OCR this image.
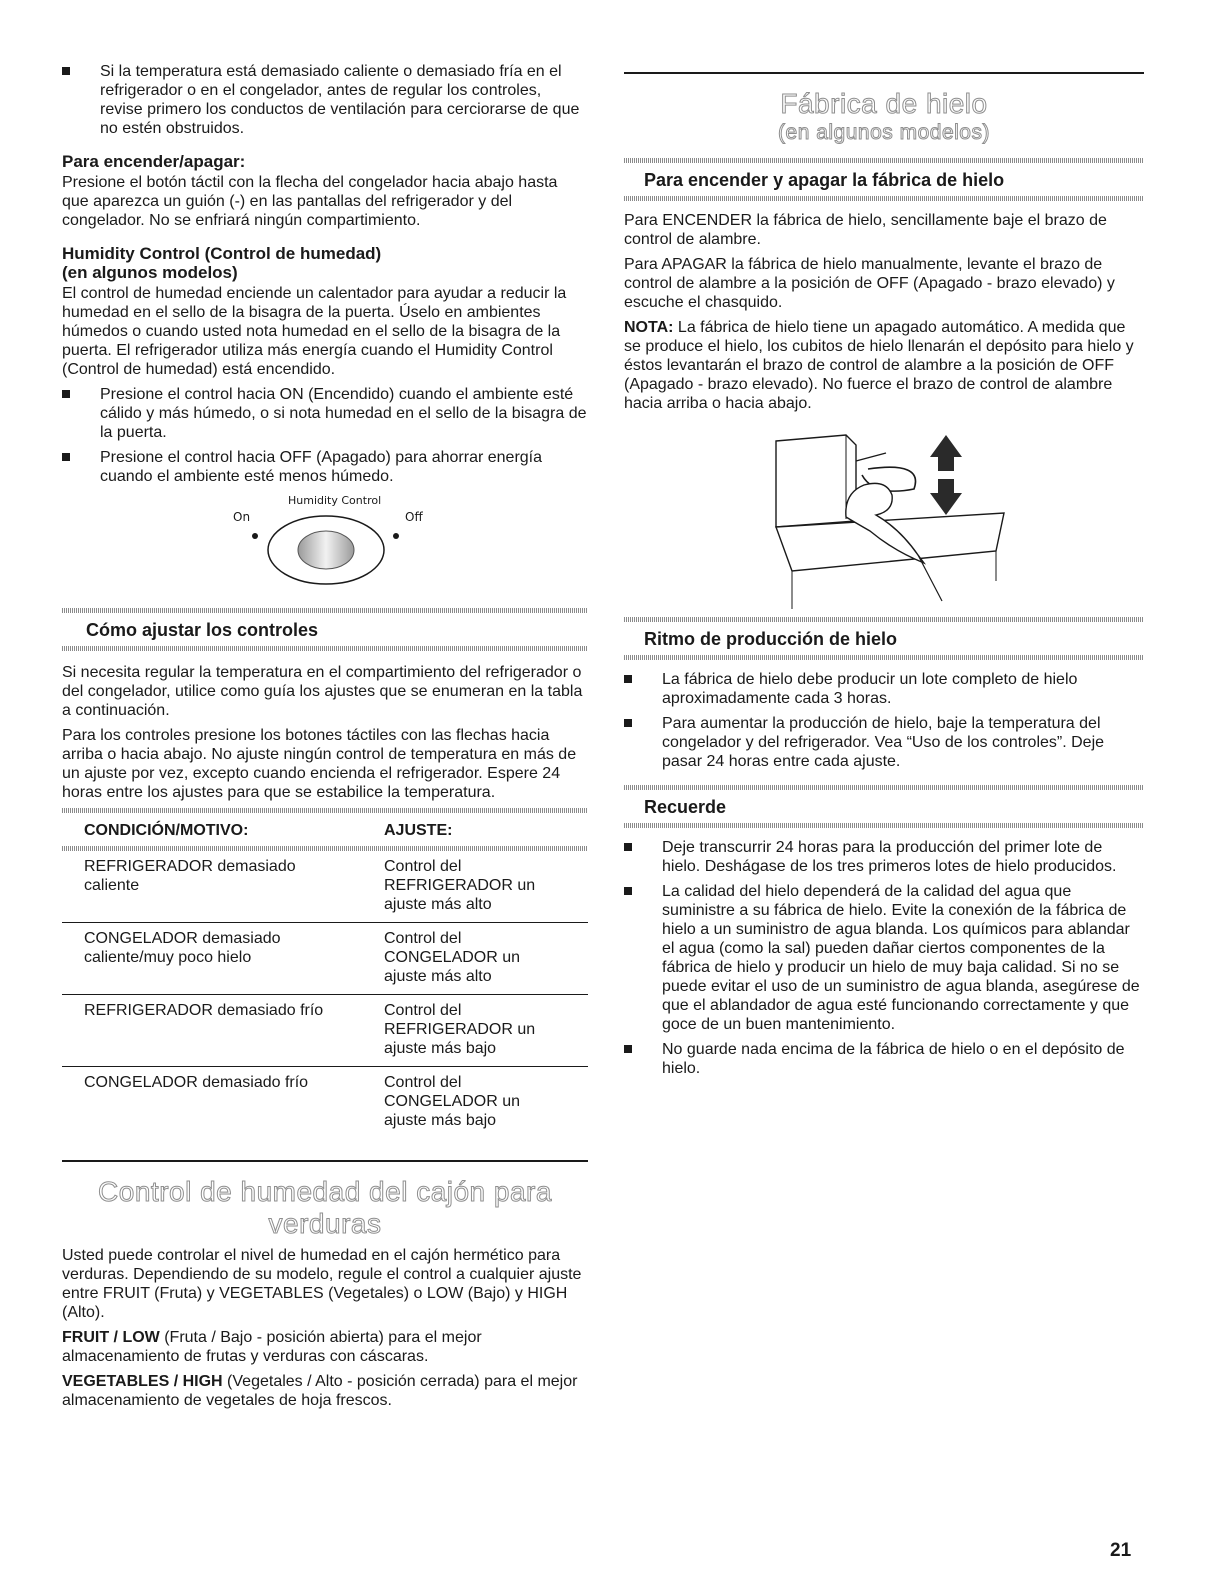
Si la temperatura está demasiado caliente o demasiado fría en el refrigerador o en el congelador, antes de regular los controles, revise primero los conductos de ventilación para cerciorarse de que no estén obstruidos.
Para encender/apagar:

Presione el botón táctil con la flecha del congelador hacia abajo hasta que aparezca un guión (-) en las pantallas del refrigerador y del congelador. No se enfriará ningún compartimiento.

Humidity Control (Control de humedad)
(en algunos modelos)

El control de humedad enciende un calentador para ayudar a reducir la humedad en el sello de la bisagra de la puerta. Úselo en ambientes húmedos o cuando usted nota humedad en el sello de la bisagra de la puerta. El refrigerador utiliza más energía cuando el Humidity Control (Control de humedad) está encendido.

Presione el control hacia ON (Encendido) cuando el ambiente esté cálido y más húmedo, o si nota humedad en el sello de la bisagra de la puerta.
Presione el control hacia OFF (Apagado) para ahorrar energía cuando el ambiente esté menos húmedo.
Humidity Control
On	Off
Cómo ajustar los controles

Si necesita regular la temperatura en el compartimiento del refrigerador o del congelador, utilice como guía los ajustes que se enumeran en la tabla a continuación.

Para los controles presione los botones táctiles con las flechas hacia arriba o hacia abajo. No ajuste ningún control de temperatura en más de un ajuste por vez, excepto cuando encienda el refrigerador. Espere 24 horas entre los ajustes para que se estabilice la temperatura.

CONDICIÓN/MOTIVO:	AJUSTE:

REFRIGERADOR demasiado
caliente	Control del
REFRIGERADOR un
ajuste más alto
CONGELADOR demasiado
caliente/muy poco hielo	Control del
CONGELADOR un
ajuste más alto
REFRIGERADOR demasiado frío	Control del
REFRIGERADOR un
ajuste más bajo
CONGELADOR demasiado frío	Control del
CONGELADOR un
ajuste más bajo
Control de humedad del cajón para
verduras

Usted puede controlar el nivel de humedad en el cajón hermético para verduras. Dependiendo de su modelo, regule el control a cualquier ajuste entre FRUIT (Fruta) y VEGETABLES (Vegetales) o LOW (Bajo) y HIGH (Alto).

FRUIT / LOW (Fruta / Bajo - posición abierta) para el mejor almacenamiento de frutas y verduras con cáscaras.

VEGETABLES / HIGH (Vegetales / Alto - posición cerrada) para el mejor almacenamiento de vegetales de hoja frescos.

Fábrica de hielo
(en algunos modelos)
Para encender y apagar la fábrica de hielo

Para ENCENDER la fábrica de hielo, sencillamente baje el brazo de control de alambre.

Para APAGAR la fábrica de hielo manualmente, levante el brazo de control de alambre a la posición de OFF (Apagado - brazo elevado) y escuche el chasquido.

NOTA: La fábrica de hielo tiene un apagado automático. A medida que se produce el hielo, los cubitos de hielo llenarán el depósito para hielo y éstos levantarán el brazo de control de alambre a la posición de OFF (Apagado - brazo elevado). No fuerce el brazo de control de alambre hacia arriba o hacia abajo.

Ritmo de producción de hielo
La fábrica de hielo debe producir un lote completo de hielo aproximadamente cada 3 horas.
Para aumentar la producción de hielo, baje la temperatura del congelador y del refrigerador. Vea “Uso de los controles”. Deje pasar 24 horas entre cada ajuste.
Recuerde
Deje transcurrir 24 horas para la producción del primer lote de hielo. Deshágase de los tres primeros lotes de hielo producidos.
La calidad del hielo dependerá de la calidad del agua que suministre a su fábrica de hielo. Evite la conexión de la fábrica de hielo a un suministro de agua blanda. Los químicos para ablandar el agua (como la sal) pueden dañar ciertos componentes de la fábrica de hielo y producir un hielo de muy baja calidad. Si no se puede evitar el uso de un suministro de agua blanda, asegúrese de que el ablandador de agua esté funcionando correctamente y que goce de un buen mantenimiento.
No guarde nada encima de la fábrica de hielo o en el depósito de hielo.
21
